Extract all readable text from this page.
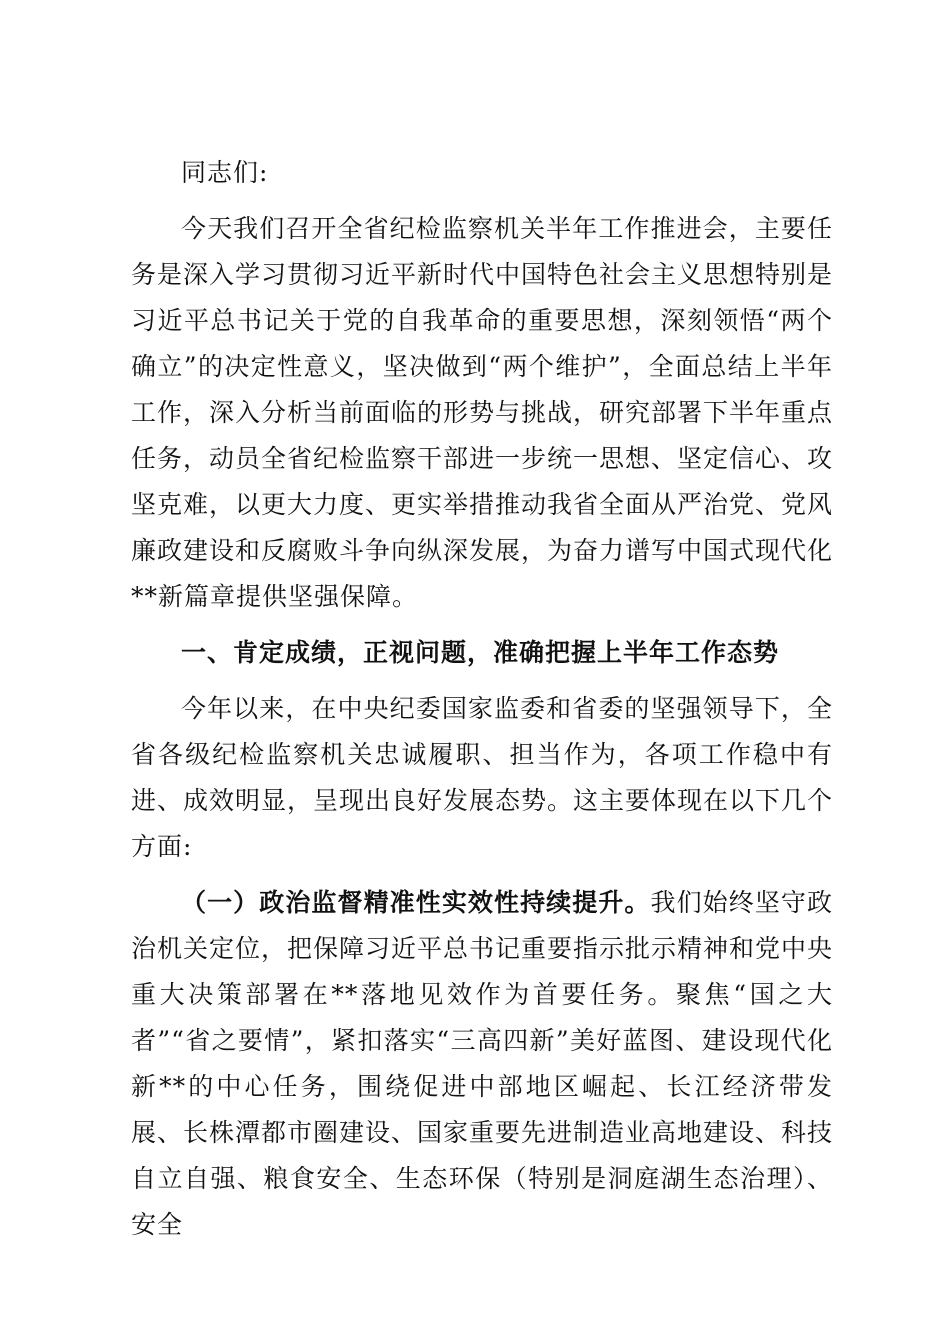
同志们:

今天我们召开全省纪检监察机关半年工作推进会，主要任务是深入学习贯彻习近平新时代中国特色社会主义思想特别是习近平总书记关于党的自我革命的重要思想，深刻领悟“两个确立”的决定性意义，坚决做到“两个维护”，全面总结上半年工作，深入分析当前面临的形势与挑战，研究部署下半年重点任务，动员全省纪检监察干部进一步统一思想、坚定信心、攻坚克难，以更大力度、更实举措推动我省全面从严治党、党风廉政建设和反腐败斗争向纵深发展，为奋力谱写中国式现代化**新篇章提供坚强保障。

一、肯定成绩，正视问题，准确把握上半年工作态势

今年以来，在中央纪委国家监委和省委的坚强领导下，全省各级纪检监察机关忠诚履职、担当作为，各项工作稳中有进、成效明显，呈现出良好发展态势。这主要体现在以下几个方面:

（一）政治监督精准性实效性持续提升。我们始终坚守政治机关定位，把保障习近平总书记重要指示批示精神和党中央重大决策部署在**落地见效作为首要任务。聚焦“国之大者”“省之要情”，紧扣落实“三高四新”美好蓝图、建设现代化新**的中心任务，围绕促进中部地区崛起、长江经济带发展、长株潭都市圈建设、国家重要先进制造业高地建设、科技自立自强、粮食安全、生态环保（特别是洞庭湖生态治理）、安全
